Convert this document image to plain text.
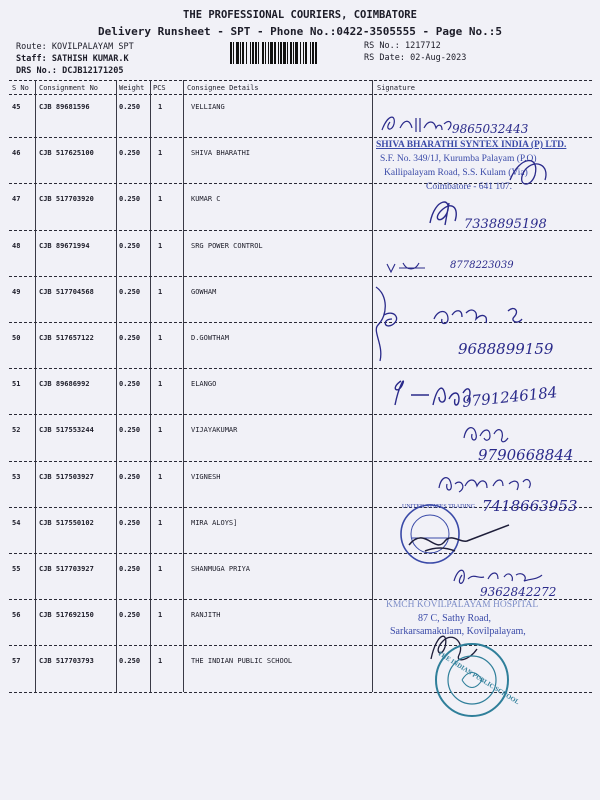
THE PROFESSIONAL COURIERS, COIMBATORE
Delivery Runsheet - SPT - Phone No.:0422-3505555 - Page No.:5
Route: KOVILPALAYAM SPT
Staff: SATHISH KUMAR.K
DRS No.: DCJB12171205
RS No.: 1217712
RS Date: 02-Aug-2023
S No Consignment No	Weight PCS	Consignee Details	Signature
45	CJB 89681596	0.250	1	VELLIANG
46	CJB 517625100	0.250	1	SHIVA BHARATHI
47	CJB 517703920	0.250	1	KUMAR C
48	CJB 89671994	0.250	1	SRG POWER CONTROL
49	CJB 517704568	0.250	1	GOWHAM
50	CJB 517657122	0.250	1	D.GOWTHAM
51	CJB 89686992	0.250	1	ELANGO
52	CJB 517553244	0.250	1	VIJAYAKUMAR
53	CJB 517503927	0.250	1	VIGNESH
54	CJB 517550102	0.250	1	MIRA ALOYS]
55	CJB 517703927	0.250	1	SHANMUGA PRIYA
56	CJB 517692150	0.250	1	RANJITH
57	CJB 517703793	0.250	1	THE INDIAN PUBLIC SCHOOL
9865032443
SHIVA BHARATHI SYNTEX INDIA (P) LTD.
S.F. No. 349/1J, Kurumba Palayam (P.O)
Kallipalayam Road, S.S. Kulam (Via)
Coimbatore - 641 107.
7338895198
8778223039
9688899159
9791246184
9790668844
7418663953
UNITED STATES TRADING
9362842272
KMCH KOVILPALAYAM HOSPITAL
87 C, Sathy Road,
Sarkarsamakulam, Kovilpalayam,
THE INDIAN PUBLIC SCHOOL
